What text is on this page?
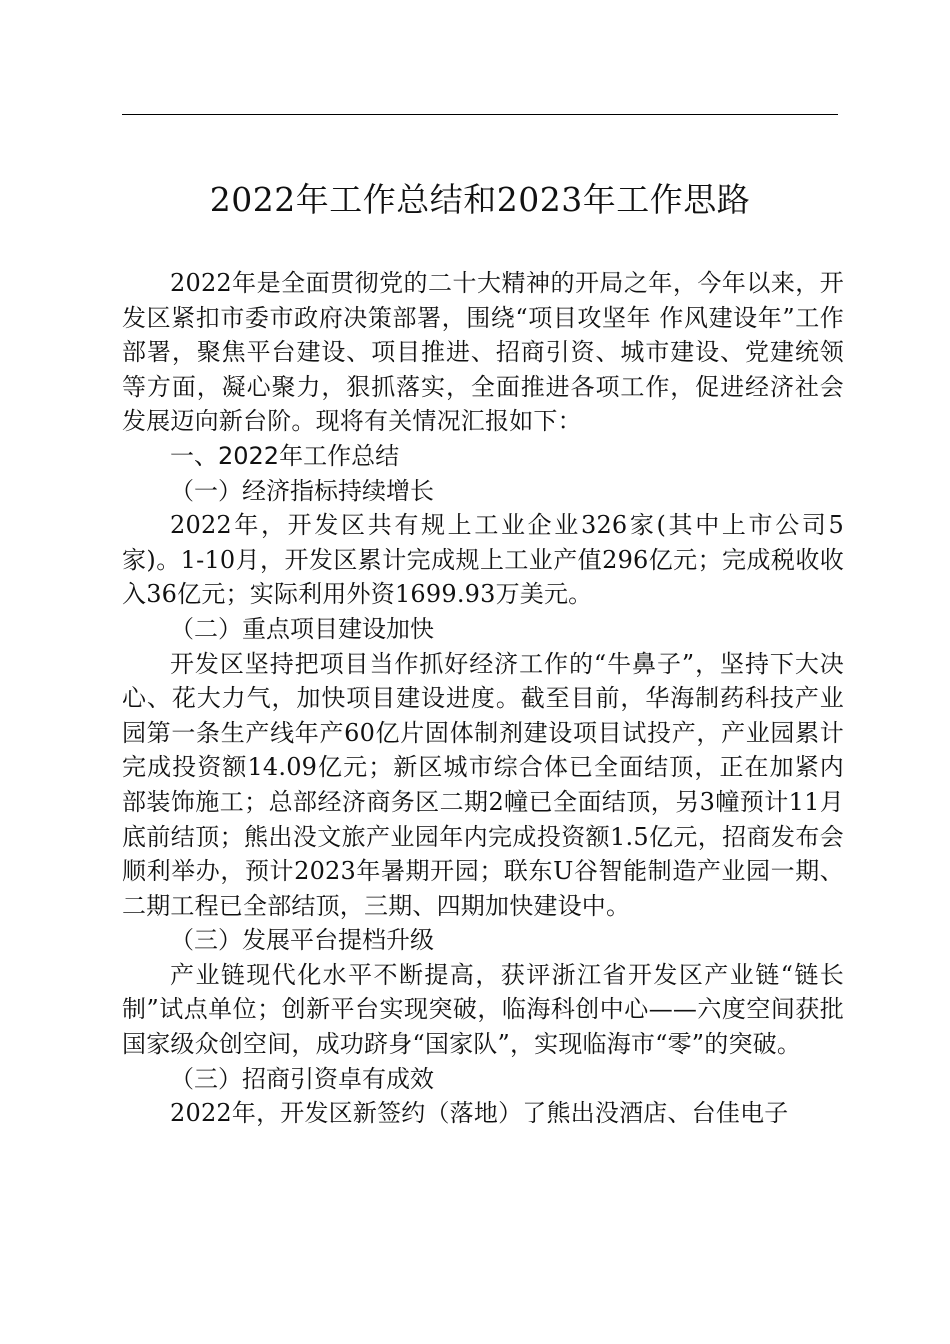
2022年工作总结和2023年工作思路

2022年是全面贯彻党的二十大精神的开局之年，今年以来，开发区紧扣市委市政府决策部署，围绕“项目攻坚年 作风建设年”工作部署，聚焦平台建设、项目推进、招商引资、城市建设、党建统领等方面，凝心聚力，狠抓落实，全面推进各项工作，促进经济社会发展迈向新台阶。现将有关情况汇报如下：

一、2022年工作总结

（一）经济指标持续增长

2022年，开发区共有规上工业企业326家(其中上市公司5家)。1-10月，开发区累计完成规上工业产值296亿元；完成税收收入36亿元；实际利用外资1699.93万美元。

（二）重点项目建设加快

开发区坚持把项目当作抓好经济工作的“牛鼻子”，坚持下大决心、花大力气，加快项目建设进度。截至目前，华海制药科技产业园第一条生产线年产60亿片固体制剂建设项目试投产，产业园累计完成投资额14.09亿元；新区城市综合体已全面结顶，正在加紧内部装饰施工；总部经济商务区二期2幢已全面结顶，另3幢预计11月底前结顶；熊出没文旅产业园年内完成投资额1.5亿元，招商发布会顺利举办，预计2023年暑期开园；联东U谷智能制造产业园一期、二期工程已全部结顶，三期、四期加快建设中。

（三）发展平台提档升级

产业链现代化水平不断提高，获评浙江省开发区产业链“链长制”试点单位；创新平台实现突破，临海科创中心——六度空间获批国家级众创空间，成功跻身“国家队”，实现临海市“零”的突破。

（三）招商引资卓有成效

2022年，开发区新签约（落地）了熊出没酒店、台佳电子
